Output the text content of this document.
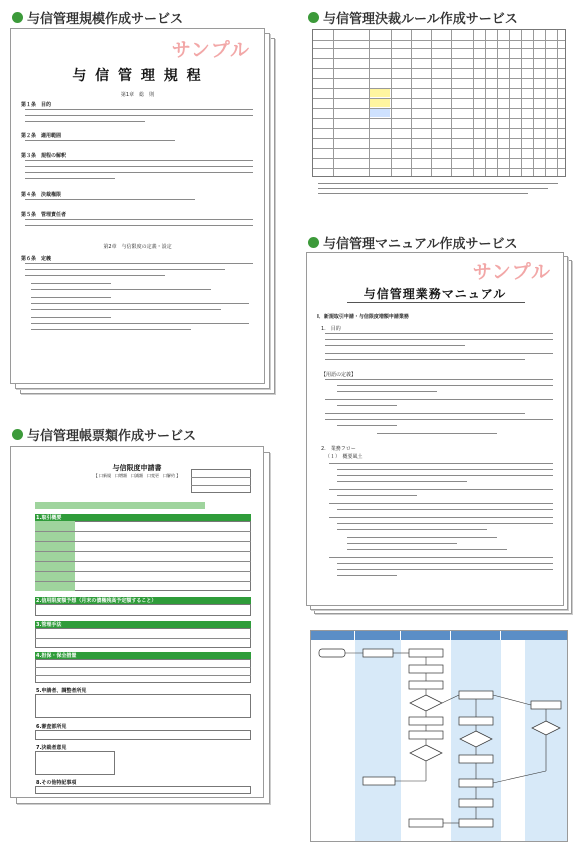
与信管理規模作成サービス	与信管理決裁ルール作成サービス
与信管理マニュアル作成サービス
与信管理帳票類作成サービス
サンプル
与 信 管 理 規 程
第1章　総　則
第１条　目的
第２条　適用範囲
第３条　規程の解釈
第４条　決裁権限
第５条　管理責任者
第2章　与信限度の定義・設定
第６条　定義
サンプル
与信管理業務マニュアル
Ⅰ．新規取引申請・与信限度増額申請業務
1.　目的
【用語の定義】
2.　業務フロー
（１）　概要風土
与信限度申請書
【 口新規　口増額　口減額　口変更　口解約 】
1.取引概要
2.信用限度額予想（月末の債権残高予定額すること）
3.管理手法
4.担保・保全措置
5.申請者、調整者所見
6.審査部所見
7.決裁者意見
8.その他特記事項
